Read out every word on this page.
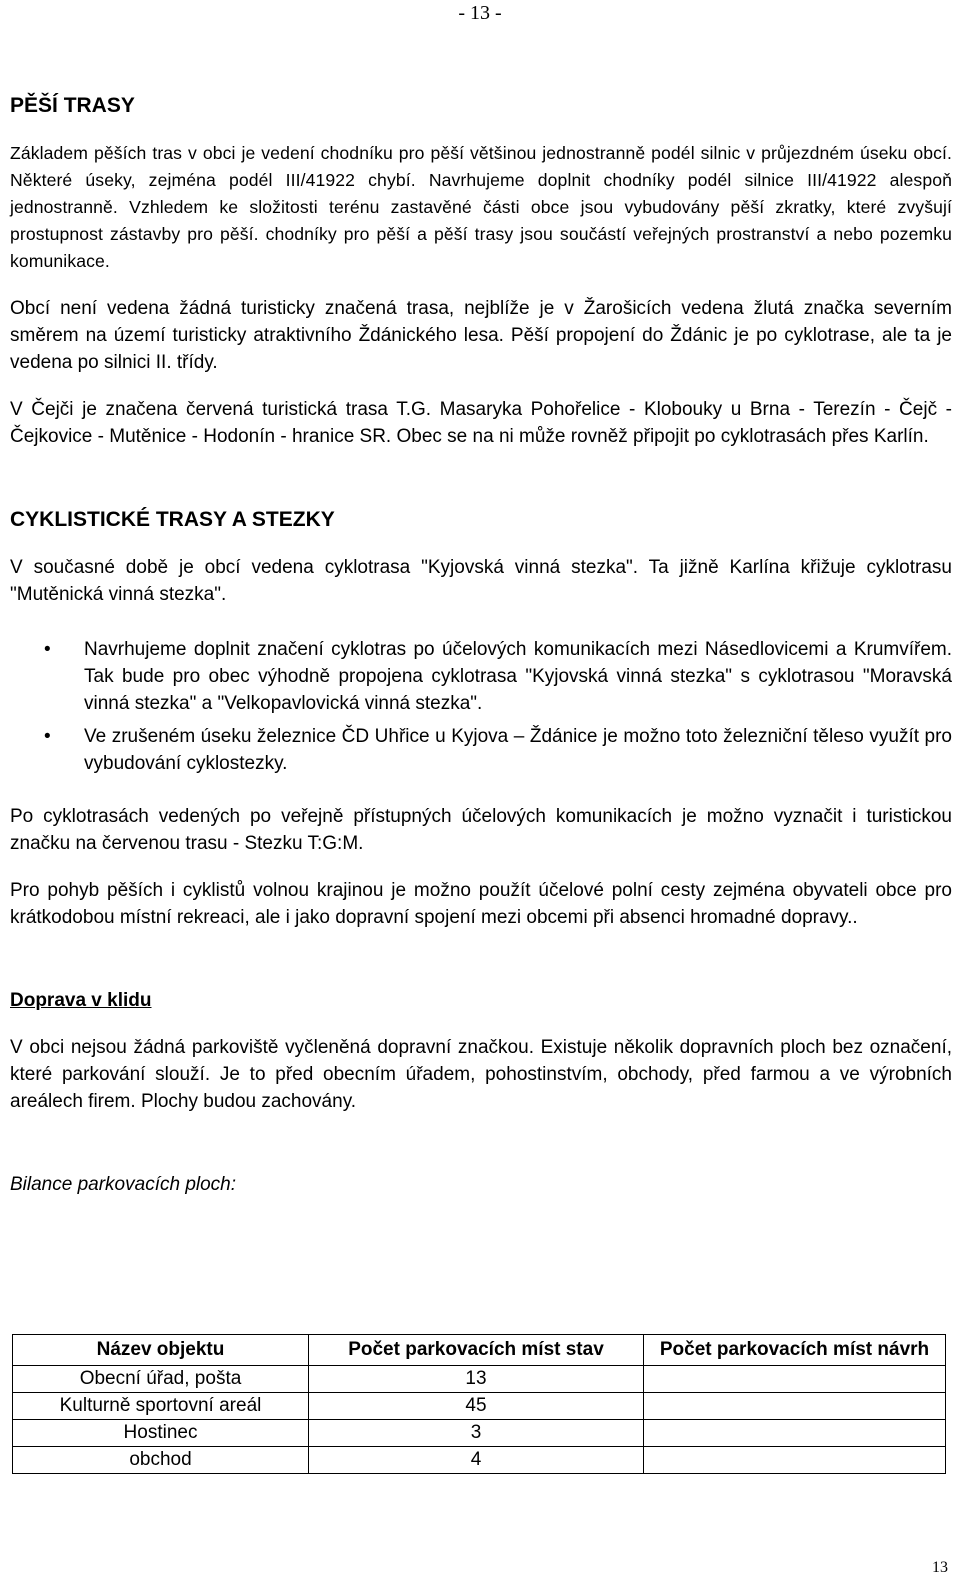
- 13 -
PĚŠÍ TRASY

Základem pěších tras v obci je vedení chodníku pro pěší většinou jednostranně podél silnic v průjezdném úseku obcí. Některé úseky, zejména podél III/41922 chybí. Navrhujeme doplnit chodníky podél silnice III/41922 alespoň jednostranně. Vzhledem ke složitosti terénu zastavěné části obce jsou vybudovány pěší zkratky, které zvyšují prostupnost zástavby pro pěší. chodníky pro pěší a pěší trasy jsou součástí veřejných prostranství a nebo pozemku komunikace.

Obcí není vedena žádná turisticky značená trasa, nejblíže je v Žarošicích vedena žlutá značka severním směrem na území turisticky atraktivního Ždánického lesa. Pěší propojení do Ždánic je po cyklotrase, ale ta je vedena po silnici II. třídy.

V Čejči je značena červená turistická trasa T.G. Masaryka Pohořelice - Klobouky u Brna - Terezín - Čejč - Čejkovice - Mutěnice - Hodonín - hranice SR. Obec se na ni může rovněž připojit po cyklotrasách přes Karlín.

CYKLISTICKÉ TRASY A STEZKY

V současné době je obcí vedena cyklotrasa "Kyjovská vinná stezka". Ta jižně Karlína křižuje cyklotrasu "Mutěnická vinná stezka".

• Navrhujeme doplnit značení cyklotras po účelových komunikacích mezi Násedlovicemi a Krumvířem. Tak bude pro obec výhodně propojena cyklotrasa "Kyjovská vinná stezka" s cyklotrasou "Moravská vinná stezka" a "Velkopavlovická vinná stezka".
• Ve zrušeném úseku železnice ČD Uhřice u Kyjova – Ždánice je možno toto železniční těleso využít pro vybudování cyklostezky.

Po cyklotrasách vedených po veřejně přístupných účelových komunikacích je možno vyznačit i turistickou značku na červenou trasu - Stezku T:G:M.

Pro pohyb pěších i cyklistů volnou krajinou je možno použít účelové polní cesty zejména obyvateli obce pro krátkodobou místní rekreaci, ale i jako dopravní spojení mezi obcemi při absenci hromadné dopravy..

Doprava v klidu

V obci nejsou žádná parkoviště vyčleněná dopravní značkou. Existuje několik dopravních ploch bez označení, které parkování slouží. Je to před obecním úřadem, pohostinstvím, obchody, před farmou a ve výrobních areálech firem. Plochy budou zachovány.

Bilance parkovacích ploch:

Název objektu	Počet parkovacích míst stav	Počet parkovacích míst návrh
Obecní úřad, pošta	13	
Kulturně sportovní areál	45	
Hostinec	3	
obchod	4	
13
